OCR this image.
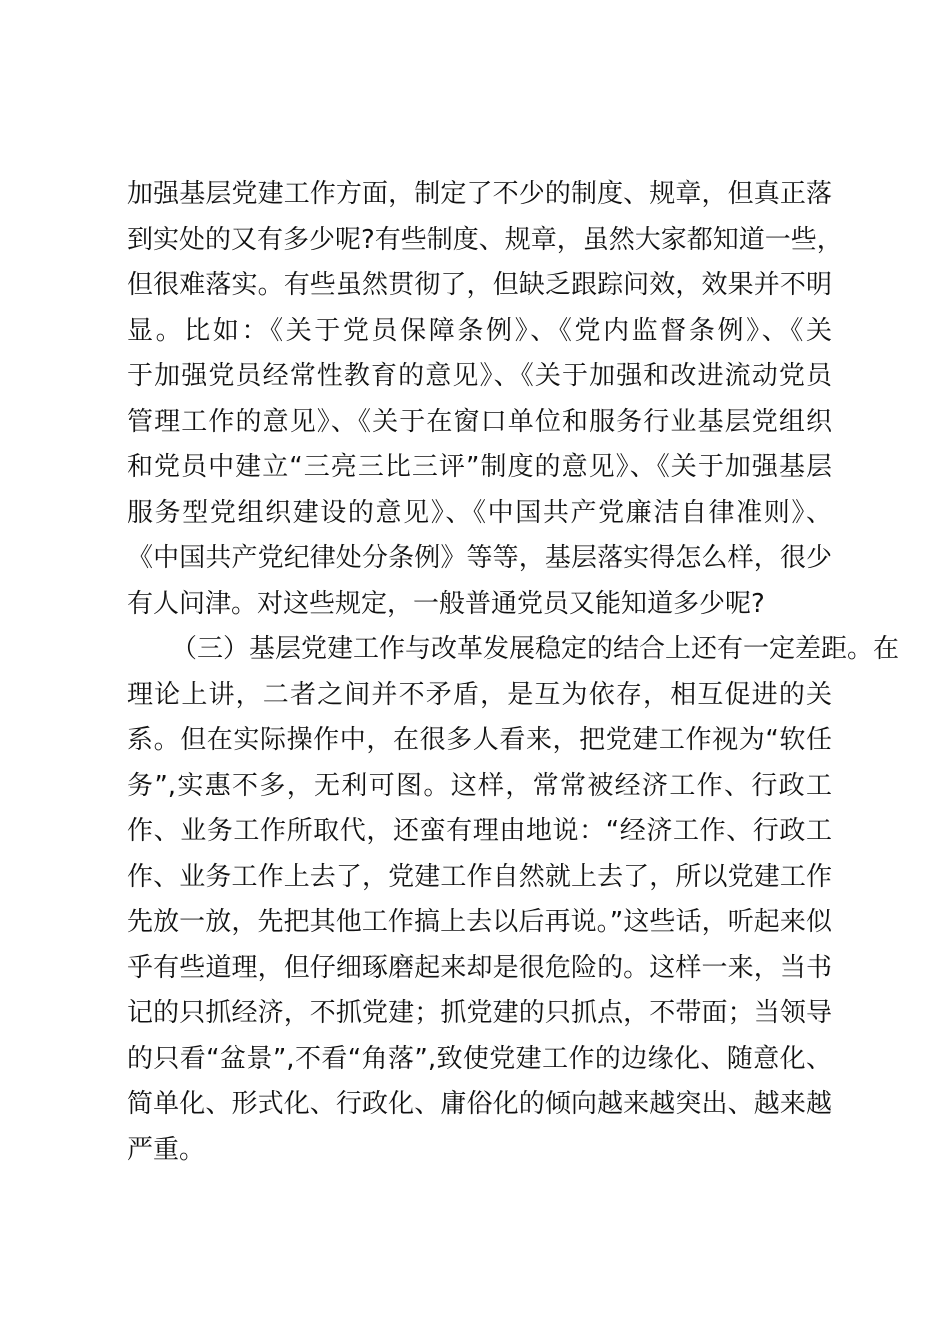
加强基层党建工作方面，制定了不少的制度、规章，但真正落
到实处的又有多少呢?有些制度、规章，虽然大家都知道一些，
但很难落实。有些虽然贯彻了，但缺乏跟踪问效，效果并不明
显。比如：《关于党员保障条例》、《党内监督条例》、《关
于加强党员经常性教育的意见》、《关于加强和改进流动党员
管理工作的意见》、《关于在窗口单位和服务行业基层党组织
和党员中建立“三亮三比三评”制度的意见》、《关于加强基层
服务型党组织建设的意见》、《中国共产党廉洁自律准则》、
《中国共产党纪律处分条例》等等，基层落实得怎么样，很少
有人问津。对这些规定，一般普通党员又能知道多少呢?
（三）基层党建工作与改革发展稳定的结合上还有一定差距。在
理论上讲，二者之间并不矛盾，是互为依存，相互促进的关
系。但在实际操作中，在很多人看来，把党建工作视为“软任
务”,实惠不多，无利可图。这样，常常被经济工作、行政工
作、业务工作所取代，还蛮有理由地说：“经济工作、行政工
作、业务工作上去了，党建工作自然就上去了，所以党建工作
先放一放，先把其他工作搞上去以后再说。”这些话，听起来似
乎有些道理，但仔细琢磨起来却是很危险的。这样一来，当书
记的只抓经济，不抓党建；抓党建的只抓点，不带面；当领导
的只看“盆景”,不看“角落”,致使党建工作的边缘化、随意化、
简单化、形式化、行政化、庸俗化的倾向越来越突出、越来越
严重。
